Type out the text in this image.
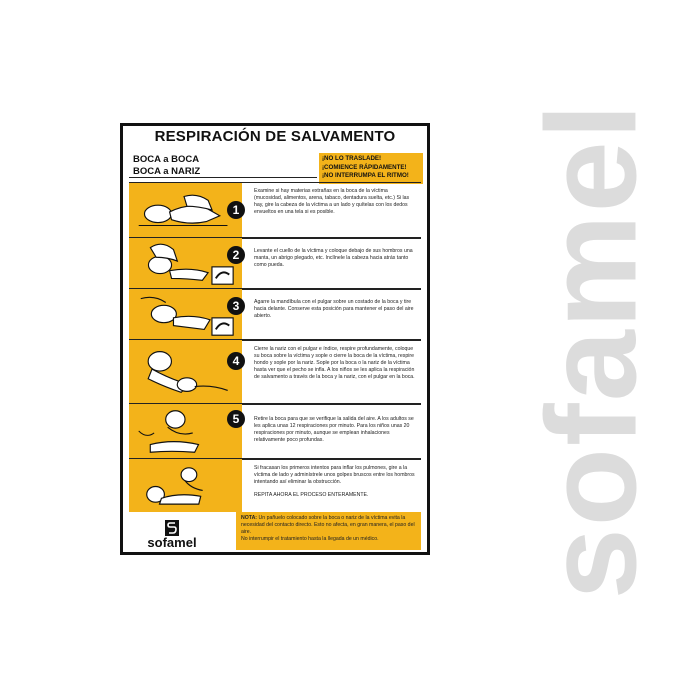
sofamel
RESPIRACIÓN DE SALVAMENTO
BOCA a BOCA
BOCA a NARIZ
¡NO LO TRASLADE!
¡COMIENCE RÁPIDAMENTE!
¡NO INTERRUMPA EL RITMO!
1
Examine si hay materias extrañas en la boca de la víctima (mucosidad, alimentos, arena, tabaco, dentadura suelta, etc.) Si las hay, gire la cabeza de la víctima a un lado y quítelas con los dedos envueltos en una tela si es posible.
2	Levante el cuello de la víctima y coloque debajo de sus hombros una manta, un abrigo plegado, etc. Inclínele la cabeza hacia atrás tanto como pueda.
3	Agarre la mandíbula con el pulgar sobre un costado de la boca y tire hacia delante. Conserve esta posición para mantener el paso del aire abierto.
4
Cierre la nariz con el pulgar e índice, respire profundamente, coloque su boca sobre la víctima y sople o cierre la boca de la víctima, respire hondo y sople por la nariz. Sople por la boca o la nariz de la víctima hasta ver que el pecho se infla. A los niños se les aplica la respiración de salvamento a través de la boca y la nariz, con el pulgar en la boca.
5	Retire la boca para que se verifique la salida del aire. A los adultos se les aplica unas 12 respiraciones por minuto. Para los niños unas 20 respiraciones por minuto, aunque se emplean inhalaciones relativamente poco profundas.
Si fracasan los primeros intentos para inflar los pulmones, gire a la víctima de lado y adminístrele unos golpes bruscos entre los hombros intentando así eliminar la obstrucción.
REPITA AHORA EL PROCESO ENTERAMENTE.
NOTA: Un pañuelo colocado sobre la boca o nariz de la víctima evita la necesidad del contacto directo. Esto no afecta, en gran manera, el paso del aire.
No interrumpir el tratamiento hasta la llegada de un médico.
sofamel
